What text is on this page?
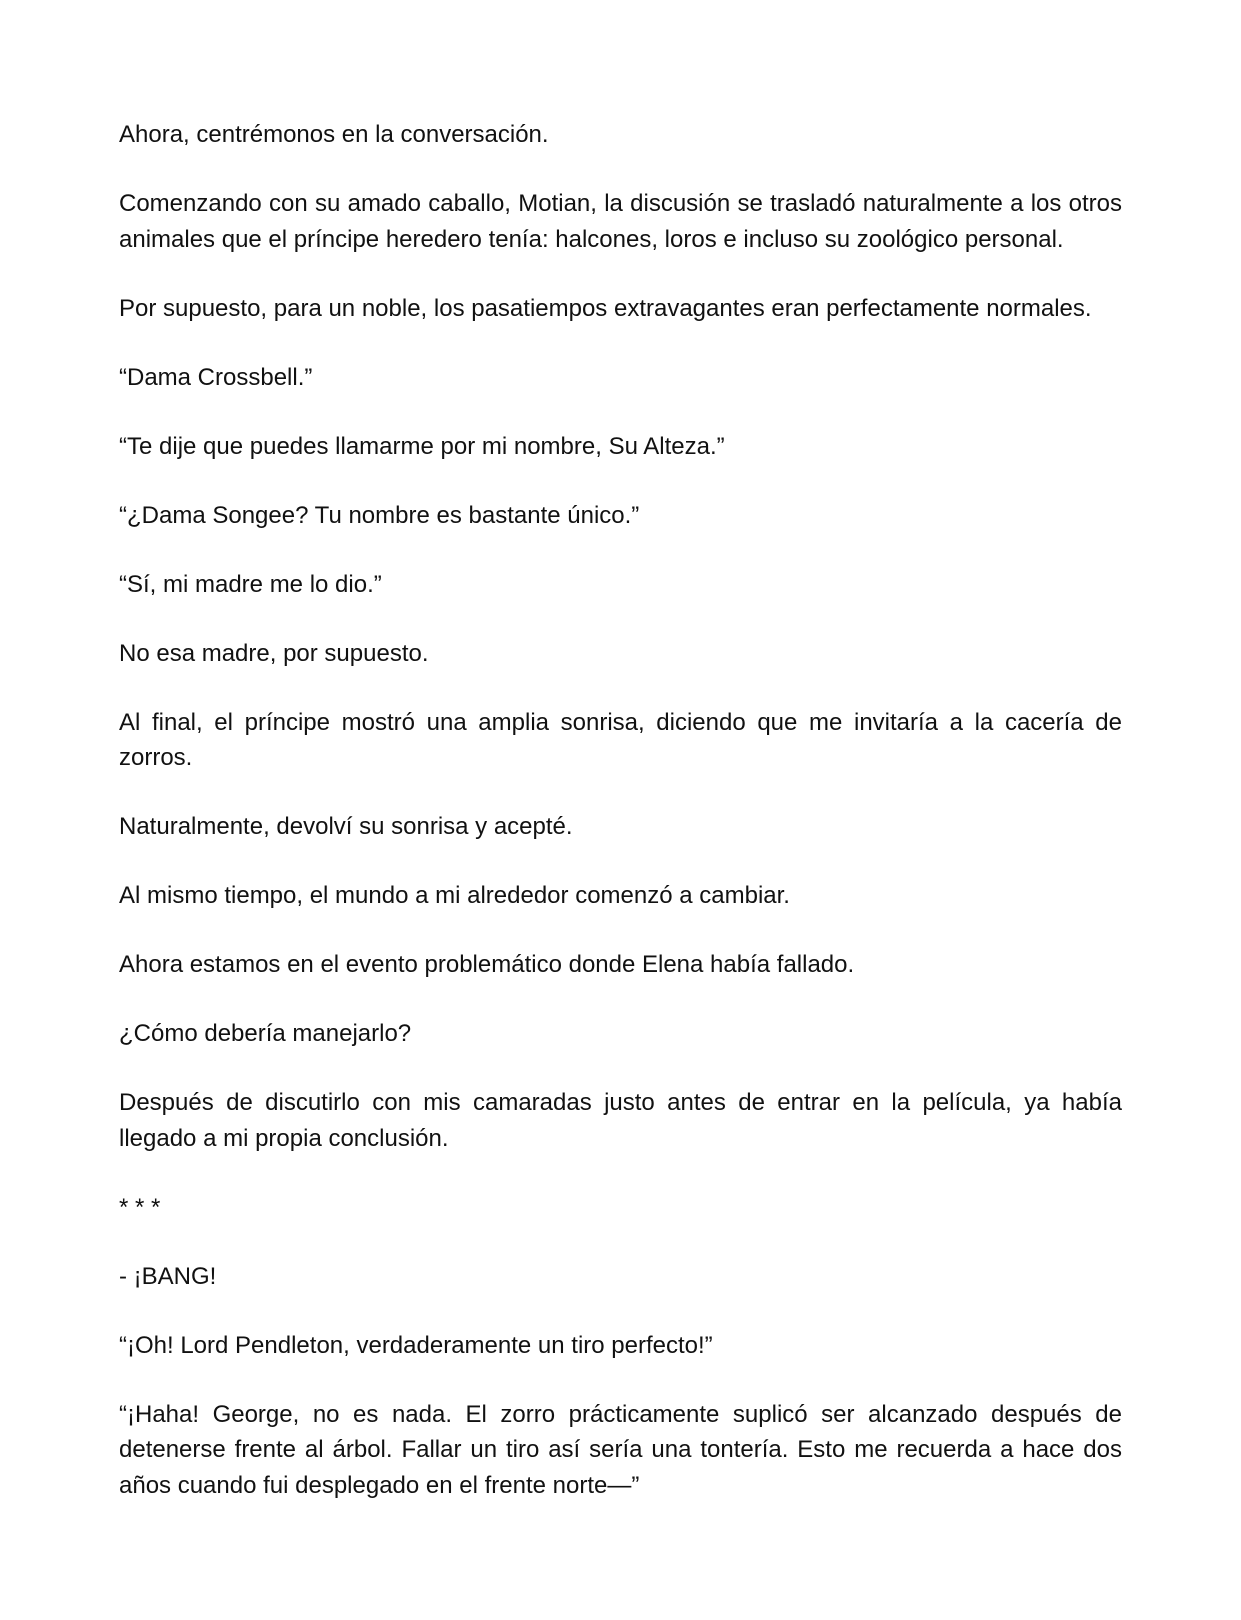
Ahora, centrémonos en la conversación.

Comenzando con su amado caballo, Motian, la discusión se trasladó naturalmente a los otros animales que el príncipe heredero tenía: halcones, loros e incluso su zoológico personal.

Por supuesto, para un noble, los pasatiempos extravagantes eran perfectamente normales.

“Dama Crossbell.”

“Te dije que puedes llamarme por mi nombre, Su Alteza.”

“¿Dama Songee? Tu nombre es bastante único.”

“Sí, mi madre me lo dio.”

No esa madre, por supuesto.

Al final, el príncipe mostró una amplia sonrisa, diciendo que me invitaría a la cacería de zorros.

Naturalmente, devolví su sonrisa y acepté.

Al mismo tiempo, el mundo a mi alrededor comenzó a cambiar.

Ahora estamos en el evento problemático donde Elena había fallado.

¿Cómo debería manejarlo?

Después de discutirlo con mis camaradas justo antes de entrar en la película, ya había llegado a mi propia conclusión.

* * *

- ¡BANG!

“¡Oh! Lord Pendleton, verdaderamente un tiro perfecto!”

“¡Haha! George, no es nada. El zorro prácticamente suplicó ser alcanzado después de detenerse frente al árbol. Fallar un tiro así sería una tontería. Esto me recuerda a hace dos años cuando fui desplegado en el frente norte—”
